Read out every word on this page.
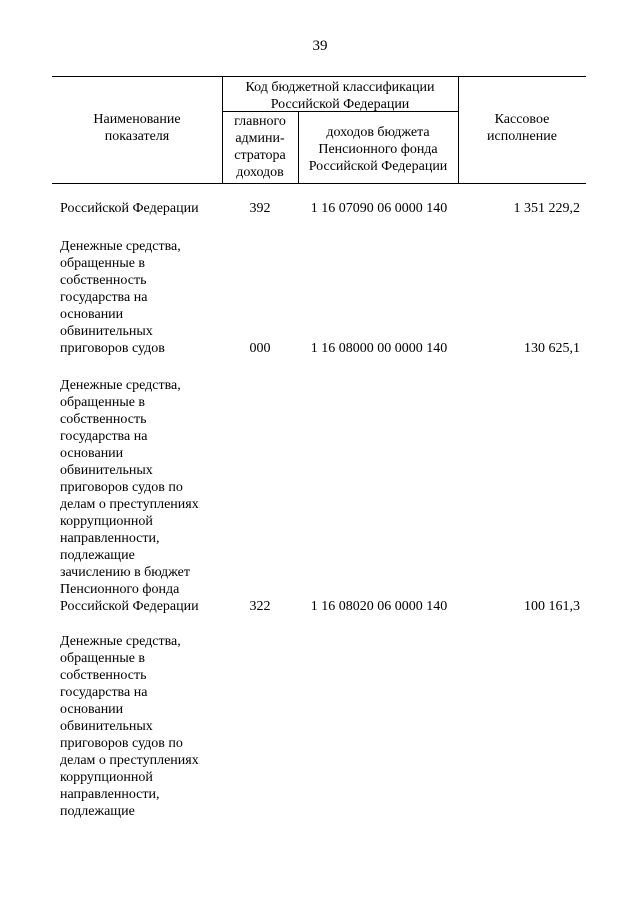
39
Наименование
показателя
Код бюджетной классификации
Российской Федерации
главного
админи-
стратора
доходов
доходов бюджета
Пенсионного фонда
Российской Федерации
Кассовое
исполнение
Российской Федерации	392	1 16 07090 06 0000 140	1 351 229,2
Денежные средства,
обращенные в
собственность
государства на
основании
обвинительных
приговоров судов	000	1 16 08000 00 0000 140	130 625,1
Денежные средства,
обращенные в
собственность
государства на
основании
обвинительных
приговоров судов по
делам о преступлениях
коррупционной
направленности,
подлежащие
зачислению в бюджет
Пенсионного фонда
Российской Федерации	322	1 16 08020 06 0000 140	100 161,3
Денежные средства,
обращенные в
собственность
государства на
основании
обвинительных
приговоров судов по
делам о преступлениях
коррупционной
направленности,
подлежащие
